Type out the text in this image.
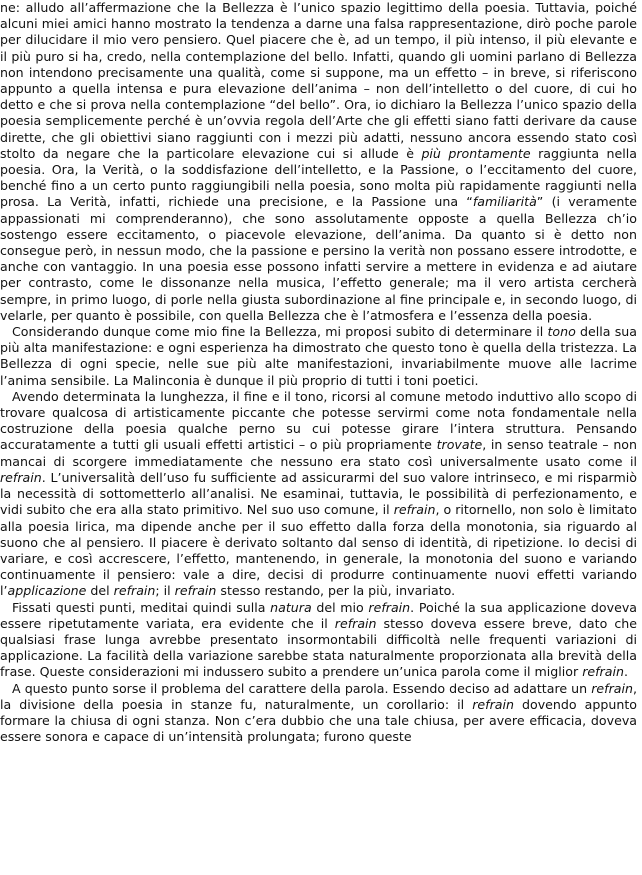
ne: alludo all’affermazione che la Bellezza è l’unico spazio legittimo della poesia. Tuttavia, poiché alcuni miei amici hanno mostrato la tendenza a darne una falsa rappresentazione, dirò poche parole per dilucidare il mio vero pensiero. Quel piacere che è, ad un tempo, il più intenso, il più elevante e il più puro si ha, credo, nella contemplazione del bello. Infatti, quando gli uomini parlano di Bellezza non intendono precisamente una qualità, come si suppone, ma un effetto – in breve, si riferiscono appunto a quella intensa e pura elevazione dell’anima – non dell’intelletto o del cuore, di cui ho detto e che si prova nella contemplazione “del bello”. Ora, io dichiaro la Bellezza l’unico spazio della poesia semplicemente perché è un’ovvia regola dell’Arte che gli effetti siano fatti derivare da cause dirette, che gli obiettivi siano raggiunti con i mezzi più adatti, nessuno ancora essendo stato così stolto da negare che la particolare elevazione cui si allude è più prontamente raggiunta nella poesia. Ora, la Verità, o la soddisfazione dell’intelletto, e la Passione, o l’eccitamento del cuore, benché fino a un certo punto raggiungibili nella poesia, sono molta più rapidamente raggiunti nella prosa. La Verità, infatti, richiede una precisione, e la Passione una “familiarità” (i veramente appassionati mi comprenderanno), che sono assolutamente opposte a quella Bellezza ch’io sostengo essere eccitamento, o piacevole elevazione, dell’anima. Da quanto si è detto non consegue però, in nessun modo, che la passione e persino la verità non possano essere introdotte, e anche con vantaggio. In una poesia esse possono infatti servire a mettere in evidenza e ad aiutare per contrasto, come le dissonanze nella musica, l’effetto generale; ma il vero artista cercherà sempre, in primo luogo, di porle nella giusta subordinazione al fine principale e, in secondo luogo, di velarle, per quanto è possibile, con quella Bellezza che è l’atmosfera e l’essenza della poesia.

Considerando dunque come mio fine la Bellezza, mi proposi subito di determinare il tono della sua più alta manifestazione: e ogni esperienza ha dimostrato che questo tono è quella della tristezza. La Bellezza di ogni specie, nelle sue più alte manifestazioni, invariabilmente muove alle lacrime l’anima sensibile. La Malinconia è dunque il più proprio di tutti i toni poetici.

Avendo determinata la lunghezza, il fine e il tono, ricorsi al comune metodo induttivo allo scopo di trovare qualcosa di artisticamente piccante che potesse servirmi come nota fondamentale nella costruzione della poesia qualche perno su cui potesse girare l’intera struttura. Pensando accuratamente a tutti gli usuali effetti artistici – o più propriamente trovate, in senso teatrale – non mancai di scorgere immediatamente che nessuno era stato così universalmente usato come il refrain. L’universalità dell’uso fu sufficiente ad assicurarmi del suo valore intrinseco, e mi risparmiò la necessità di sottometterlo all’analisi. Ne esaminai, tuttavia, le possibilità di perfezionamento, e vidi subito che era alla stato primitivo. Nel suo uso comune, il refrain, o ritornello, non solo è limitato alla poesia lirica, ma dipende anche per il suo effetto dalla forza della monotonia, sia riguardo al suono che al pensiero. Il piacere è derivato soltanto dal senso di identità, di ripetizione. Io decisi di variare, e così accrescere, l’effetto, mantenendo, in generale, la monotonia del suono e variando continuamente il pensiero: vale a dire, decisi di produrre continuamente nuovi effetti variando l’applicazione del refrain; il refrain stesso restando, per la più, invariato.

Fissati questi punti, meditai quindi sulla natura del mio refrain. Poiché la sua applicazione doveva essere ripetutamente variata, era evidente che il refrain stesso doveva essere breve, dato che qualsiasi frase lunga avrebbe presentato insormontabili difficoltà nelle frequenti variazioni di applicazione. La facilità della variazione sarebbe stata naturalmente proporzionata alla brevità della frase. Queste considerazioni mi indussero subito a prendere un’unica parola come il miglior refrain.

A questo punto sorse il problema del carattere della parola. Essendo deciso ad adattare un refrain, la divisione della poesia in stanze fu, naturalmente, un corollario: il refrain dovendo appunto formare la chiusa di ogni stanza. Non c’era dubbio che una tale chiusa, per avere efficacia, doveva essere sonora e capace di un’intensità prolungata; furono queste
